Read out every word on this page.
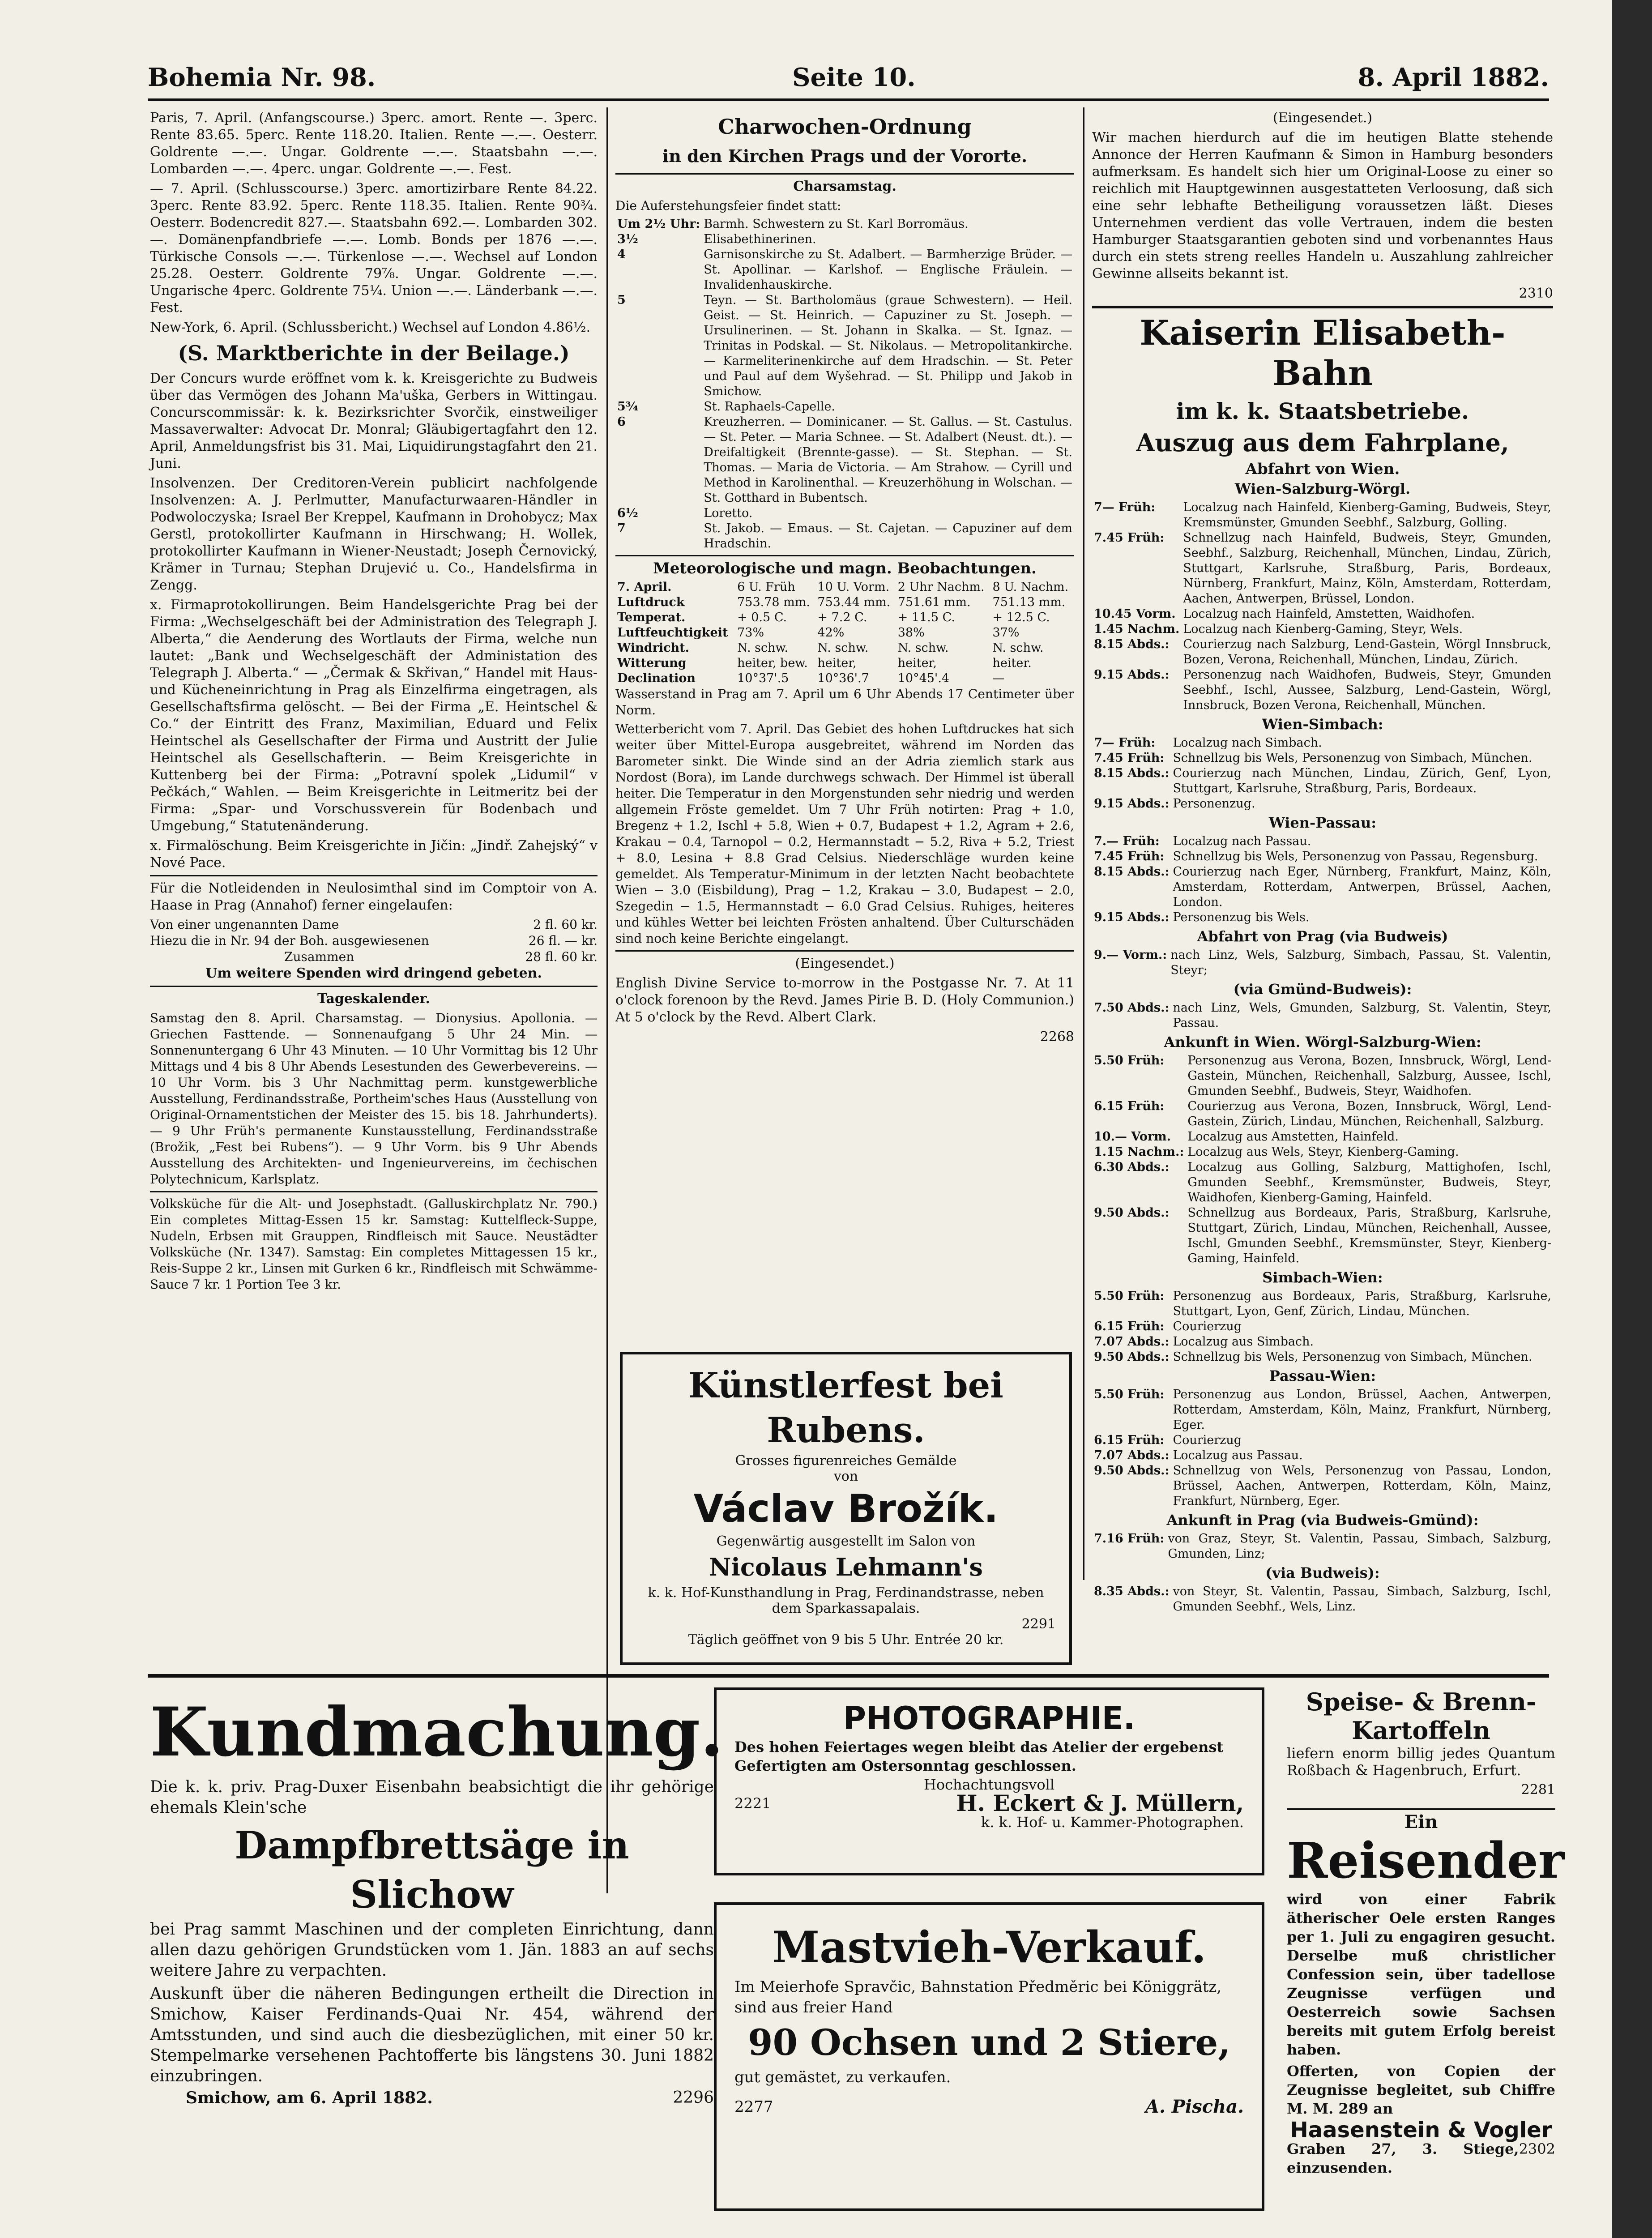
Bohemia Nr. 98.	Seite 10.	8. April 1882.

Paris, 7. April. (Anfangscourse.) 3perc. amort. Rente —. 3perc. Rente 83.65. 5perc. Rente 118.20. Italien. Rente —.—. Oesterr. Goldrente —.—. Ungar. Goldrente —.—. Staatsbahn —.—. Lombarden —.—. 4perc. ungar. Goldrente —.—. Fest.

— 7. April. (Schlusscourse.) 3perc. amortizirbare Rente 84.22. 3perc. Rente 83.92. 5perc. Rente 118.35. Italien. Rente 90¾. Oesterr. Bodencredit 827.—. Staatsbahn 692.—. Lombarden 302.—. Domänenpfandbriefe —.—. Lomb. Bonds per 1876 —.—. Türkische Consols —.—. Türkenlose —.—. Wechsel auf London 25.28. Oesterr. Goldrente 79⅞. Ungar. Goldrente —.—. Ungarische 4perc. Goldrente 75¼. Union —.—. Länderbank —.—. Fest.

New-York, 6. April. (Schlussbericht.) Wechsel auf London 4.86½.

(S. Marktberichte in der Beilage.)

Der Concurs wurde eröffnet vom k. k. Kreisgerichte zu Budweis über das Vermögen des Johann Ma'uška, Gerbers in Wittingau. Concurscommissär: k. k. Bezirksrichter Svorčik, einstweiliger Massaverwalter: Advocat Dr. Monral; Gläubigertagfahrt den 12. April, Anmeldungsfrist bis 31. Mai, Liquidirungstagfahrt den 21. Juni.

Insolvenzen. Der Creditoren-Verein publicirt nachfolgende Insolvenzen: A. J. Perlmutter, Manufacturwaaren-Händler in Podwoloczyska; Israel Ber Kreppel, Kaufmann in Drohobycz; Max Gerstl, protokollirter Kaufmann in Hirschwang; H. Wollek, protokollirter Kaufmann in Wiener-Neustadt; Joseph Černovický, Krämer in Turnau; Stephan Drujević u. Co., Handelsfirma in Zengg.

x. Firmaprotokollirungen. Beim Handelsgerichte Prag bei der Firma: „Wechselgeschäft bei der Administration des Telegraph J. Alberta,“ die Aenderung des Wortlauts der Firma, welche nun lautet: „Bank und Wechselgeschäft der Administation des Telegraph J. Alberta.“ — „Čermak & Skřivan,“ Handel mit Haus- und Kücheneinrichtung in Prag als Einzelfirma eingetragen, als Gesellschaftsfirma gelöscht. — Bei der Firma „E. Heintschel & Co.“ der Eintritt des Franz, Maximilian, Eduard und Felix Heintschel als Gesellschafter der Firma und Austritt der Julie Heintschel als Gesellschafterin. — Beim Kreisgerichte in Kuttenberg bei der Firma: „Potravní spolek „Lidumil“ v Pečkách,“ Wahlen. — Beim Kreisgerichte in Leitmeritz bei der Firma: „Spar- und Vorschussverein für Bodenbach und Umgebung,“ Statutenänderung.

x. Firmalöschung. Beim Kreisgerichte in Jičin: „Jindř. Zahejský“ v Nové Pace.

Für die Notleidenden in Neulosimthal sind im Comptoir von A. Haase in Prag (Annahof) ferner eingelaufen:

Von einer ungenannten Dame	2 fl. 60 kr.
Hiezu die in Nr. 94 der Boh. ausgewiesenen	26 fl. — kr.
Zusammen	28 fl. 60 kr.

Um weitere Spenden wird dringend gebeten.

Tageskalender.

Samstag den 8. April. Charsamstag. — Dionysius. Apollonia. — Griechen Fasttende. — Sonnenaufgang 5 Uhr 24 Min. — Sonnenuntergang 6 Uhr 43 Minuten. — 10 Uhr Vormittag bis 12 Uhr Mittags und 4 bis 8 Uhr Abends Lesestunden des Gewerbevereins. — 10 Uhr Vorm. bis 3 Uhr Nachmittag perm. kunstgewerbliche Ausstellung, Ferdinandsstraße, Portheim'sches Haus (Ausstellung von Original-Ornamentstichen der Meister des 15. bis 18. Jahrhunderts). — 9 Uhr Früh's permanente Kunstausstellung, Ferdinandsstraße (Brožik, „Fest bei Rubens“). — 9 Uhr Vorm. bis 9 Uhr Abends Ausstellung des Architekten- und Ingenieurvereins, im čechischen Polytechnicum, Karlsplatz.

Volksküche für die Alt- und Josephstadt. (Galluskirchplatz Nr. 790.) Ein completes Mittag-Essen 15 kr. Samstag: Kuttelfleck-Suppe, Nudeln, Erbsen mit Grauppen, Rindfleisch mit Sauce. Neustädter Volksküche (Nr. 1347). Samstag: Ein completes Mittagessen 15 kr., Reis-Suppe 2 kr., Linsen mit Gurken 6 kr., Rindfleisch mit Schwämme-Sauce 7 kr. 1 Portion Tee 3 kr.

Charwochen-Ordnung
in den Kirchen Prags und der Vororte.

Charsamstag.

Die Auferstehungsfeier findet statt:

Um 2½ Uhr:	Barmh. Schwestern zu St. Karl Borromäus.
3½	Elisabethinerinen.
4	Garnisonskirche zu St. Adalbert. — Barmherzige Brüder. — St. Apollinar. — Karlshof. — Englische Fräulein. — Invalidenhauskirche.
5	Teyn. — St. Bartholomäus (graue Schwestern). — Heil. Geist. — St. Heinrich. — Capuziner zu St. Joseph. — Ursulinerinen. — St. Johann in Skalka. — St. Ignaz. — Trinitas in Podskal. — St. Nikolaus. — Metropolitankirche. — Karmeliterinenkirche auf dem Hradschin. — St. Peter und Paul auf dem Wyšehrad. — St. Philipp und Jakob in Smichow.
5¾	St. Raphaels-Capelle.
6	Kreuzherren. — Dominicaner. — St. Gallus. — St. Castulus. — St. Peter. — Maria Schnee. — St. Adalbert (Neust. dt.). — Dreifaltigkeit (Brennte-gasse). — St. Stephan. — St. Thomas. — Maria de Victoria. — Am Strahow. — Cyrill und Method in Karolinenthal. — Kreuzerhöhung in Wolschan. — St. Gotthard in Bubentsch.
6½	Loretto.
7	St. Jakob. — Emaus. — St. Cajetan. — Capuziner auf dem Hradschin.

Meteorologische und magn. Beobachtungen.

7. April.	6 U. Früh	10 U. Vorm.	2 Uhr Nachm.	8 U. Nachm.
Luftdruck	753.78 mm.	753.44 mm.	751.61 mm.	751.13 mm.
Temperat.	+ 0.5 C.	+ 7.2 C.	+ 11.5 C.	+ 12.5 C.
Luftfeuchtigkeit	73%	42%	38%	37%
Windricht.	N. schw.	N. schw.	N. schw.	N. schw.
Witterung	heiter, bew.	heiter,	heiter,	heiter.
Declination	10°37'.5	10°36'.7	10°45'.4	—

Wasserstand in Prag am 7. April um 6 Uhr Abends 17 Centimeter über Norm.

Wetterbericht vom 7. April. Das Gebiet des hohen Luftdruckes hat sich weiter über Mittel-Europa ausgebreitet, während im Norden das Barometer sinkt. Die Winde sind an der Adria ziemlich stark aus Nordost (Bora), im Lande durchwegs schwach. Der Himmel ist überall heiter. Die Temperatur in den Morgenstunden sehr niedrig und werden allgemein Fröste gemeldet. Um 7 Uhr Früh notirten: Prag + 1.0, Bregenz + 1.2, Ischl + 5.8, Wien + 0.7, Budapest + 1.2, Agram + 2.6, Krakau − 0.4, Tarnopol − 0.2, Hermannstadt − 5.2, Riva + 5.2, Triest + 8.0, Lesina + 8.8 Grad Celsius. Niederschläge wurden keine gemeldet. Als Temperatur-Minimum in der letzten Nacht beobachtete Wien − 3.0 (Eisbildung), Prag − 1.2, Krakau − 3.0, Budapest − 2.0, Szegedin − 1.5, Hermannstadt − 6.0 Grad Celsius. Ruhiges, heiteres und kühles Wetter bei leichten Frösten anhaltend. Über Culturschäden sind noch keine Berichte eingelangt.

(Eingesendet.)

English Divine Service to-morrow in the Postgasse Nr. 7. At 11 o'clock forenoon by the Revd. James Pirie B. D. (Holy Communion.) At 5 o'clock by the Revd. Albert Clark.

2268

Künstlerfest bei Rubens.
Grosses figurenreiches Gemälde
von
Václav Brožík.
Gegenwärtig ausgestellt im Salon von
Nicolaus Lehmann's
k. k. Hof-Kunsthandlung in Prag, Ferdinandstrasse, neben dem Sparkassapalais.
2291
Täglich geöffnet von 9 bis 5 Uhr. Entrée 20 kr.

(Eingesendet.)

Wir machen hierdurch auf die im heutigen Blatte stehende Annonce der Herren Kaufmann & Simon in Hamburg besonders aufmerksam. Es handelt sich hier um Original-Loose zu einer so reichlich mit Hauptgewinnen ausgestatteten Verloosung, daß sich eine sehr lebhafte Betheiligung voraussetzen läßt. Dieses Unternehmen verdient das volle Vertrauen, indem die besten Hamburger Staatsgarantien geboten sind und vorbenanntes Haus durch ein stets streng reelles Handeln u. Auszahlung zahlreicher Gewinne allseits bekannt ist.

2310

Kaiserin Elisabeth-Bahn
im k. k. Staatsbetriebe.
Auszug aus dem Fahrplane,
Abfahrt von Wien.
Wien-Salzburg-Wörgl.
7— Früh:	Localzug nach Hainfeld, Kienberg-Gaming, Budweis, Steyr, Kremsmünster, Gmunden Seebhf., Salzburg, Golling.
7.45 Früh:	Schnellzug nach Hainfeld, Budweis, Steyr, Gmunden, Seebhf., Salzburg, Reichenhall, München, Lindau, Zürich, Stuttgart, Karlsruhe, Straßburg, Paris, Bordeaux, Nürnberg, Frankfurt, Mainz, Köln, Amsterdam, Rotterdam, Aachen, Antwerpen, Brüssel, London.
10.45 Vorm.	Localzug nach Hainfeld, Amstetten, Waidhofen.
1.45 Nachm.	Localzug nach Kienberg-Gaming, Steyr, Wels.
8.15 Abds.:	Courierzug nach Salzburg, Lend-Gastein, Wörgl Innsbruck, Bozen, Verona, Reichenhall, München, Lindau, Zürich.
9.15 Abds.:	Personenzug nach Waidhofen, Budweis, Steyr, Gmunden Seebhf., Ischl, Aussee, Salzburg, Lend-Gastein, Wörgl, Innsbruck, Bozen Verona, Reichenhall, München.
Wien-Simbach:
7— Früh:	Localzug nach Simbach.
7.45 Früh:	Schnellzug bis Wels, Personenzug von Simbach, München.
8.15 Abds.:	Courierzug nach München, Lindau, Zürich, Genf, Lyon, Stuttgart, Karlsruhe, Straßburg, Paris, Bordeaux.
9.15 Abds.:	Personenzug.
Wien-Passau:
7.— Früh:	Localzug nach Passau.
7.45 Früh:	Schnellzug bis Wels, Personenzug von Passau, Regensburg.
8.15 Abds.:	Courierzug nach Eger, Nürnberg, Frankfurt, Mainz, Köln, Amsterdam, Rotterdam, Antwerpen, Brüssel, Aachen, London.
9.15 Abds.:	Personenzug bis Wels.
Abfahrt von Prag (via Budweis)
9.— Vorm.:	nach Linz, Wels, Salzburg, Simbach, Passau, St. Valentin, Steyr;
(via Gmünd-Budweis):
7.50 Abds.:	nach Linz, Wels, Gmunden, Salzburg, St. Valentin, Steyr, Passau.
Ankunft in Wien. Wörgl-Salzburg-Wien:
5.50 Früh:	Personenzug aus Verona, Bozen, Innsbruck, Wörgl, Lend-Gastein, München, Reichenhall, Salzburg, Aussee, Ischl, Gmunden Seebhf., Budweis, Steyr, Waidhofen.
6.15 Früh:	Courierzug aus Verona, Bozen, Innsbruck, Wörgl, Lend-Gastein, Zürich, Lindau, München, Reichenhall, Salzburg.
10.— Vorm.	Localzug aus Amstetten, Hainfeld.
1.15 Nachm.:	Localzug aus Wels, Steyr, Kienberg-Gaming.
6.30 Abds.:	Localzug aus Golling, Salzburg, Mattighofen, Ischl, Gmunden Seebhf., Kremsmünster, Budweis, Steyr, Waidhofen, Kienberg-Gaming, Hainfeld.
9.50 Abds.:	Schnellzug aus Bordeaux, Paris, Straßburg, Karlsruhe, Stuttgart, Zürich, Lindau, München, Reichenhall, Aussee, Ischl, Gmunden Seebhf., Kremsmünster, Steyr, Kienberg-Gaming, Hainfeld.
Simbach-Wien:
5.50 Früh:	Personenzug aus Bordeaux, Paris, Straßburg, Karlsruhe, Stuttgart, Lyon, Genf, Zürich, Lindau, München.
6.15 Früh:	Courierzug
7.07 Abds.:	Localzug aus Simbach.
9.50 Abds.:	Schnellzug bis Wels, Personenzug von Simbach, München.
Passau-Wien:
5.50 Früh:	Personenzug aus London, Brüssel, Aachen, Antwerpen, Rotterdam, Amsterdam, Köln, Mainz, Frankfurt, Nürnberg, Eger.
6.15 Früh:	Courierzug
7.07 Abds.:	Localzug aus Passau.
9.50 Abds.:	Schnellzug von Wels, Personenzug von Passau, London, Brüssel, Aachen, Antwerpen, Rotterdam, Köln, Mainz, Frankfurt, Nürnberg, Eger.
Ankunft in Prag (via Budweis-Gmünd):
7.16 Früh:	von Graz, Steyr, St. Valentin, Passau, Simbach, Salzburg, Gmunden, Linz;
(via Budweis):
8.35 Abds.:	von Steyr, St. Valentin, Passau, Simbach, Salzburg, Ischl, Gmunden Seebhf., Wels, Linz.
Kundmachung.

Die k. k. priv. Prag-Duxer Eisenbahn beabsichtigt die ihr gehörige ehemals Klein'sche

Dampfbrettsäge in Slichow

bei Prag sammt Maschinen und der completen Einrichtung, dann allen dazu gehörigen Grundstücken vom 1. Jän. 1883 an auf sechs weitere Jahre zu verpachten.

Auskunft über die näheren Bedingungen ertheilt die Direction in Smichow, Kaiser Ferdinands-Quai Nr. 454, während der Amtsstunden, und sind auch die diesbezüglichen, mit einer 50 kr. Stempelmarke versehenen Pachtofferte bis längstens 30. Juni 1882 einzubringen.

Smichow, am 6. April 1882.	2296
PHOTOGRAPHIE.
Des hohen Feiertages wegen bleibt das Atelier der ergebenst Gefertigten am Ostersonntag geschlossen.
Hochachtungsvoll
2221	H. Eckert & J. Müllern,
k. k. Hof- u. Kammer-Photographen.
Mastvieh-Verkauf.
Im Meierhofe Spravčic, Bahnstation Předměric bei Königgrätz, sind aus freier Hand
90 Ochsen und 2 Stiere,
gut gemästet, zu verkaufen.
2277	A. Pischa.
Speise- & Brenn-Kartoffeln

liefern enorm billig jedes Quantum Roßbach & Hagenbruch, Erfurt.

2281

Ein
Reisender

wird von einer Fabrik ätherischer Oele ersten Ranges per 1. Juli zu engagiren gesucht. Derselbe muß christlicher Confession sein, über tadellose Zeugnisse verfügen und Oesterreich sowie Sachsen bereits mit gutem Erfolg bereist haben.

Offerten, von Copien der Zeugnisse begleitet, sub Chiffre M. M. 289 an

Haasenstein & Vogler
Graben 27, 3. Stiege, einzusenden.
2302
